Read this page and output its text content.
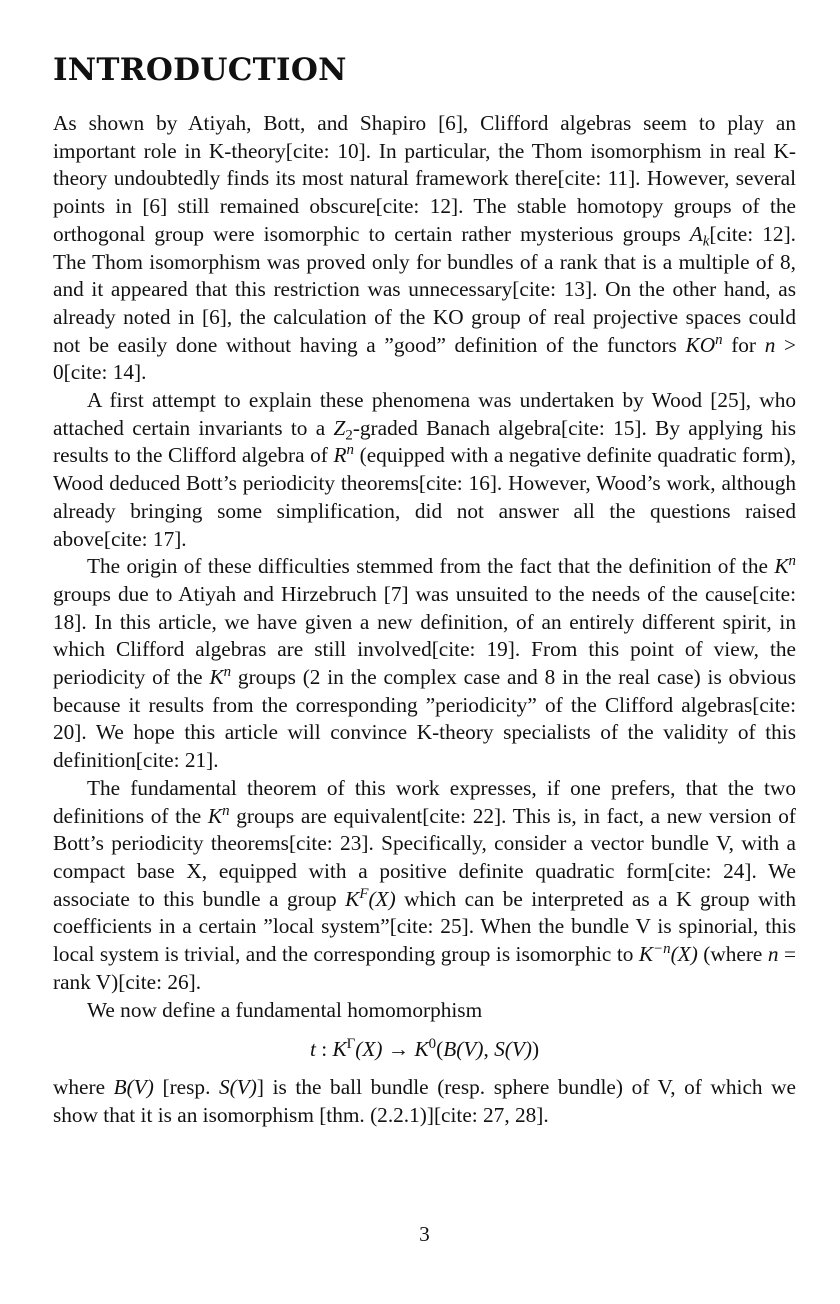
INTRODUCTION

As shown by Atiyah, Bott, and Shapiro [6], Clifford algebras seem to play an important role in K-theory[cite: 10]. In particular, the Thom isomorphism in real K-theory undoubtedly finds its most natural framework there[cite: 11]. However, several points in [6] still remained obscure[cite: 12]. The stable homotopy groups of the orthogonal group were isomorphic to certain rather mysterious groups $A_k[cite$: 12]. The Thom isomorphism was proved only for bundles of a rank that is a multiple of 8, and it appeared that this restriction was unnecessary[cite: 13]. On the other hand, as already noted in [6], the calculation of the KO group of real projective spaces could not be easily done without having a ”good” definition of the functors $KO^n$ for n > 0[cite: 14].

A first attempt to explain these phenomena was undertaken by Wood [25], who attached certain invariants to a $Z_2$-graded Banach algebra[cite: 15]. By applying his results to the Clifford algebra of $R^n$ (equipped with a negative definite quadratic form), Wood deduced Bott’s periodicity theorems[cite: 16]. However, Wood’s work, although already bringing some simplification, did not answer all the questions raised above[cite: 17].

The origin of these difficulties stemmed from the fact that the definition of the $K^n$ groups due to Atiyah and Hirzebruch [7] was unsuited to the needs of the cause[cite: 18]. In this article, we have given a new definition, of an entirely different spirit, in which Clifford algebras are still involved[cite: 19]. From this point of view, the periodicity of the $K^n$ groups (2 in the complex case and 8 in the real case) is obvious because it results from the corresponding ”periodicity” of the Clifford algebras[cite: 20]. We hope this article will convince K-theory specialists of the validity of this definition[cite: 21].

The fundamental theorem of this work expresses, if one prefers, that the two definitions of the $K^n$ groups are equivalent[cite: 22]. This is, in fact, a new version of Bott’s periodicity theorems[cite: 23]. Specifically, consider a vector bundle V, with a compact base X, equipped with a positive definite quadratic form[cite: 24]. We associate to this bundle a group $K^F(X)$ which can be interpreted as a K group with coefficients in a certain ”local system”[cite: 25]. When the bundle V is spinorial, this local system is trivial, and the corresponding group is isomorphic to $K^{-n}(X)$ (where n = rank V)[cite: 26].

We now define a fundamental homomorphism

t : $K^\Gamma(X) \to K^0(B(V)$, S(V))

where B(V) [resp. S(V)] is the ball bundle (resp. sphere bundle) of V, of which we show that it is an isomorphism [thm. (2.2.1)][cite: 27, 28].

3
